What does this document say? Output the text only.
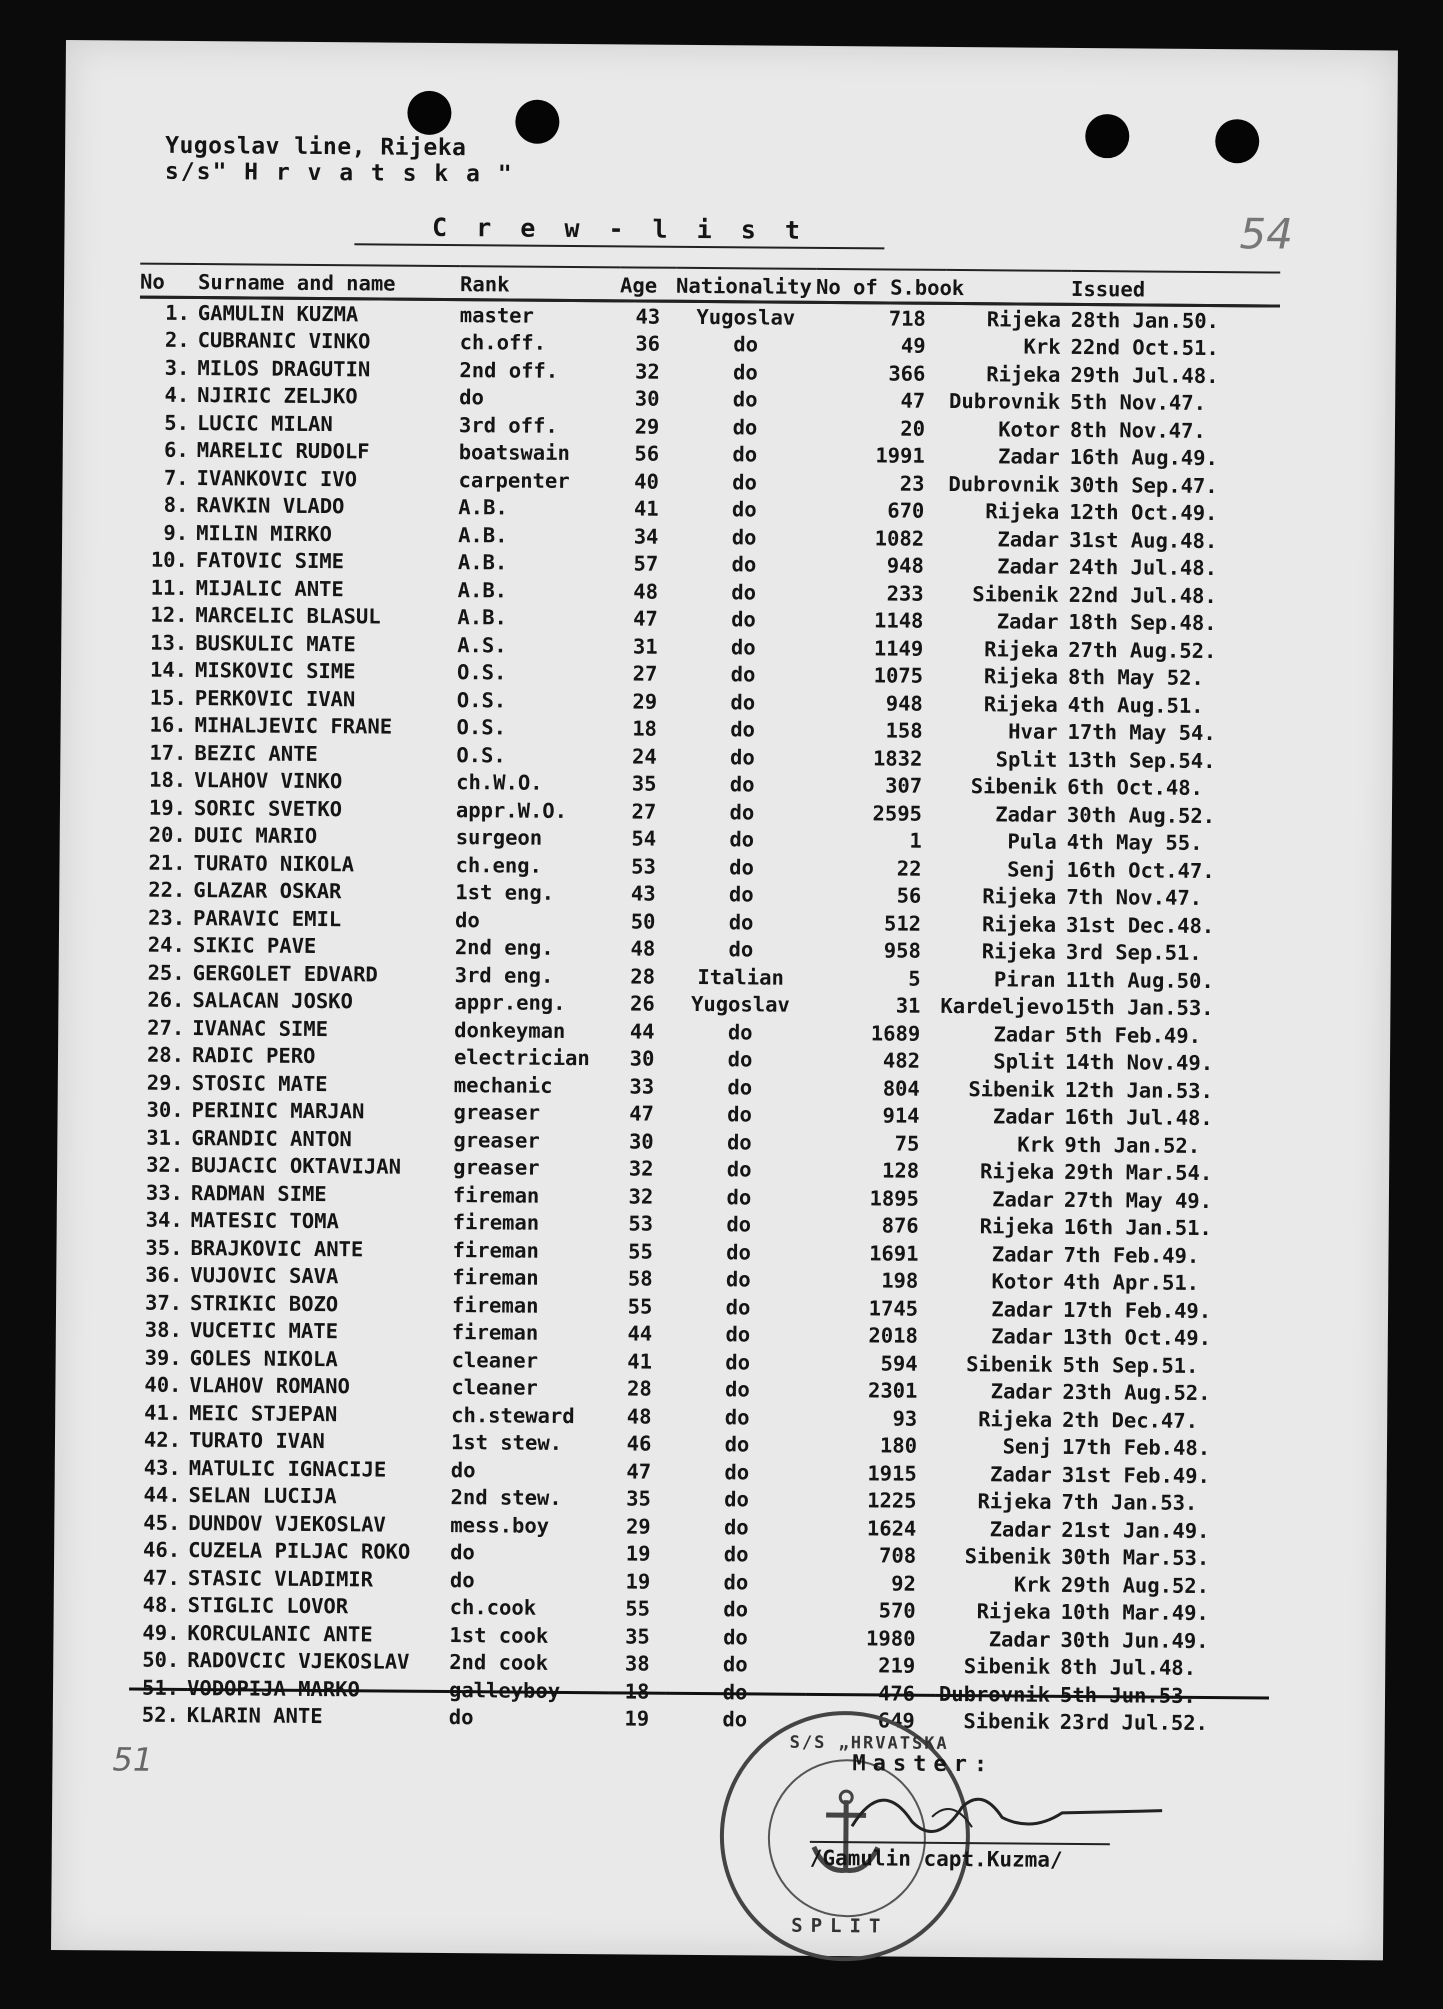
Yugoslav line, Rijeka
s/s" H r v a t s k a "
C r e w - l i s t	54
No	Surname and name	Rank	Age	Nationality	No of S.book		Issued
1.	GAMULIN KUZMA	master	43	Yugoslav	718	Rijeka	28th Jan.50.
2.	CUBRANIC VINKO	ch.off.	36	do	49	Krk	22nd Oct.51.
3.	MILOS DRAGUTIN	2nd off.	32	do	366	Rijeka	29th Jul.48.
4.	NJIRIC ZELJKO	do	30	do	47	Dubrovnik	5th Nov.47.
5.	LUCIC MILAN	3rd off.	29	do	20	Kotor	8th Nov.47.
6.	MARELIC RUDOLF	boatswain	56	do	1991	Zadar	16th Aug.49.
7.	IVANKOVIC IVO	carpenter	40	do	23	Dubrovnik	30th Sep.47.
8.	RAVKIN VLADO	A.B.	41	do	670	Rijeka	12th Oct.49.
9.	MILIN MIRKO	A.B.	34	do	1082	Zadar	31st Aug.48.
10.	FATOVIC SIME	A.B.	57	do	948	Zadar	24th Jul.48.
11.	MIJALIC ANTE	A.B.	48	do	233	Sibenik	22nd Jul.48.
12.	MARCELIC BLASUL	A.B.	47	do	1148	Zadar	18th Sep.48.
13.	BUSKULIC MATE	A.S.	31	do	1149	Rijeka	27th Aug.52.
14.	MISKOVIC SIME	O.S.	27	do	1075	Rijeka	8th May 52.
15.	PERKOVIC IVAN	O.S.	29	do	948	Rijeka	4th Aug.51.
16.	MIHALJEVIC FRANE	O.S.	18	do	158	Hvar	17th May 54.
17.	BEZIC ANTE	O.S.	24	do	1832	Split	13th Sep.54.
18.	VLAHOV VINKO	ch.W.O.	35	do	307	Sibenik	6th Oct.48.
19.	SORIC SVETKO	appr.W.O.	27	do	2595	Zadar	30th Aug.52.
20.	DUIC MARIO	surgeon	54	do	1	Pula	4th May 55.
21.	TURATO NIKOLA	ch.eng.	53	do	22	Senj	16th Oct.47.
22.	GLAZAR OSKAR	1st eng.	43	do	56	Rijeka	7th Nov.47.
23.	PARAVIC EMIL	do	50	do	512	Rijeka	31st Dec.48.
24.	SIKIC PAVE	2nd eng.	48	do	958	Rijeka	3rd Sep.51.
25.	GERGOLET EDVARD	3rd eng.	28	Italian	5	Piran	11th Aug.50.
26.	SALACAN JOSKO	appr.eng.	26	Yugoslav	31	Kardeljevo	15th Jan.53.
27.	IVANAC SIME	donkeyman	44	do	1689	Zadar	5th Feb.49.
28.	RADIC PERO	electrician	30	do	482	Split	14th Nov.49.
29.	STOSIC MATE	mechanic	33	do	804	Sibenik	12th Jan.53.
30.	PERINIC MARJAN	greaser	47	do	914	Zadar	16th Jul.48.
31.	GRANDIC ANTON	greaser	30	do	75	Krk	9th Jan.52.
32.	BUJACIC OKTAVIJAN	greaser	32	do	128	Rijeka	29th Mar.54.
33.	RADMAN SIME	fireman	32	do	1895	Zadar	27th May 49.
34.	MATESIC TOMA	fireman	53	do	876	Rijeka	16th Jan.51.
35.	BRAJKOVIC ANTE	fireman	55	do	1691	Zadar	7th Feb.49.
36.	VUJOVIC SAVA	fireman	58	do	198	Kotor	4th Apr.51.
37.	STRIKIC BOZO	fireman	55	do	1745	Zadar	17th Feb.49.
38.	VUCETIC MATE	fireman	44	do	2018	Zadar	13th Oct.49.
39.	GOLES NIKOLA	cleaner	41	do	594	Sibenik	5th Sep.51.
40.	VLAHOV ROMANO	cleaner	28	do	2301	Zadar	23th Aug.52.
41.	MEIC STJEPAN	ch.steward	48	do	93	Rijeka	2th Dec.47.
42.	TURATO IVAN	1st stew.	46	do	180	Senj	17th Feb.48.
43.	MATULIC IGNACIJE	do	47	do	1915	Zadar	31st Feb.49.
44.	SELAN LUCIJA	2nd stew.	35	do	1225	Rijeka	7th Jan.53.
45.	DUNDOV VJEKOSLAV	mess.boy	29	do	1624	Zadar	21st Jan.49.
46.	CUZELA PILJAC ROKO	do	19	do	708	Sibenik	30th Mar.53.
47.	STASIC VLADIMIR	do	19	do	92	Krk	29th Aug.52.
48.	STIGLIC LOVOR	ch.cook	55	do	570	Rijeka	10th Mar.49.
49.	KORCULANIC ANTE	1st cook	35	do	1980	Zadar	30th Jun.49.
50.	RADOVCIC VJEKOSLAV	2nd cook	38	do	219	Sibenik	8th Jul.48.
51.	VODOPIJA MARKO	galleyboy	18	do	476	Dubrovnik	5th Jun.53.
52.	KLARIN ANTE	do	19	do	649	Sibenik	23rd Jul.52.
51	S/S „HRVATSKA
SPLIT
Master:
/Gamulin capt.Kuzma/
